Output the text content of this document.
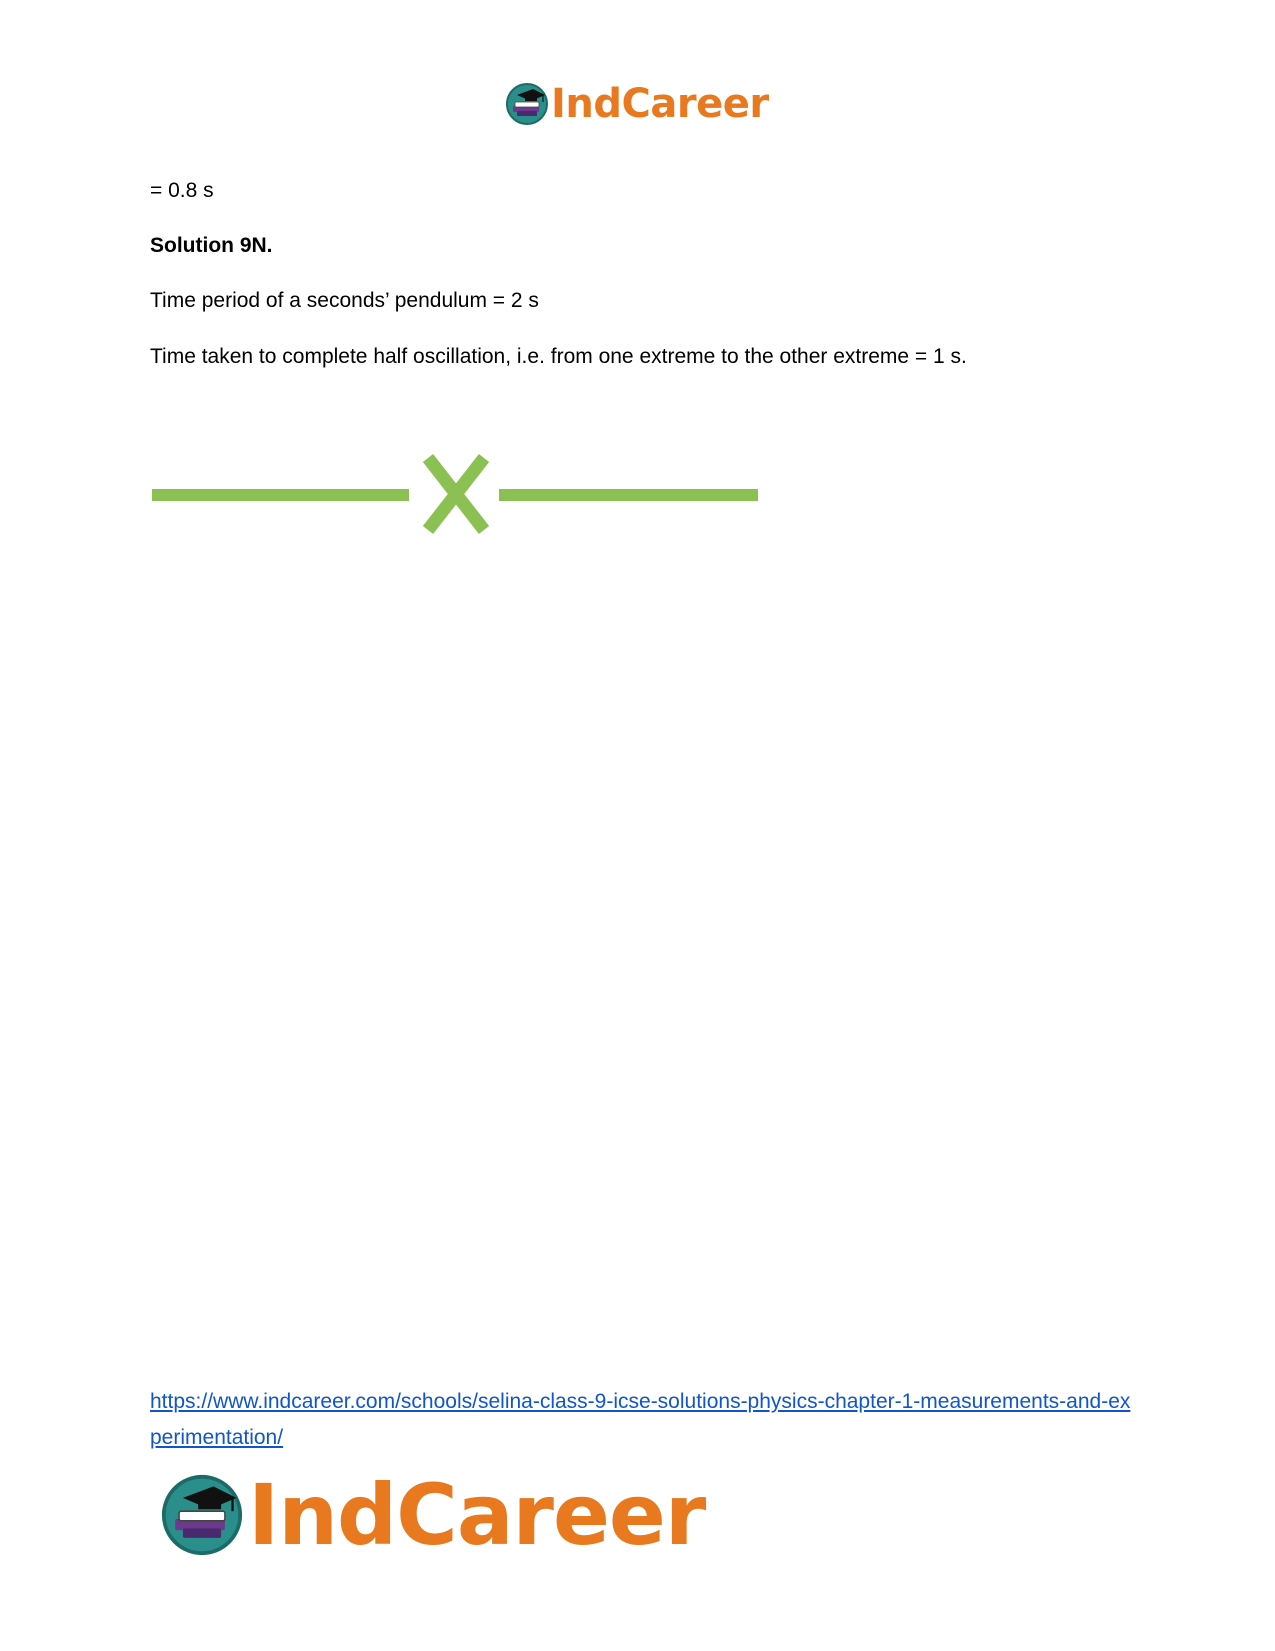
IndCareer
= 0.8 s
Solution 9N.
Time period of a seconds’ pendulum = 2 s
Time taken to complete half oscillation, i.e. from one extreme to the other extreme = 1 s.
https://www.indcareer.com/schools/selina-class-9-icse-solutions-physics-chapter-1-measurements-and-experimentation/
IndCareer
